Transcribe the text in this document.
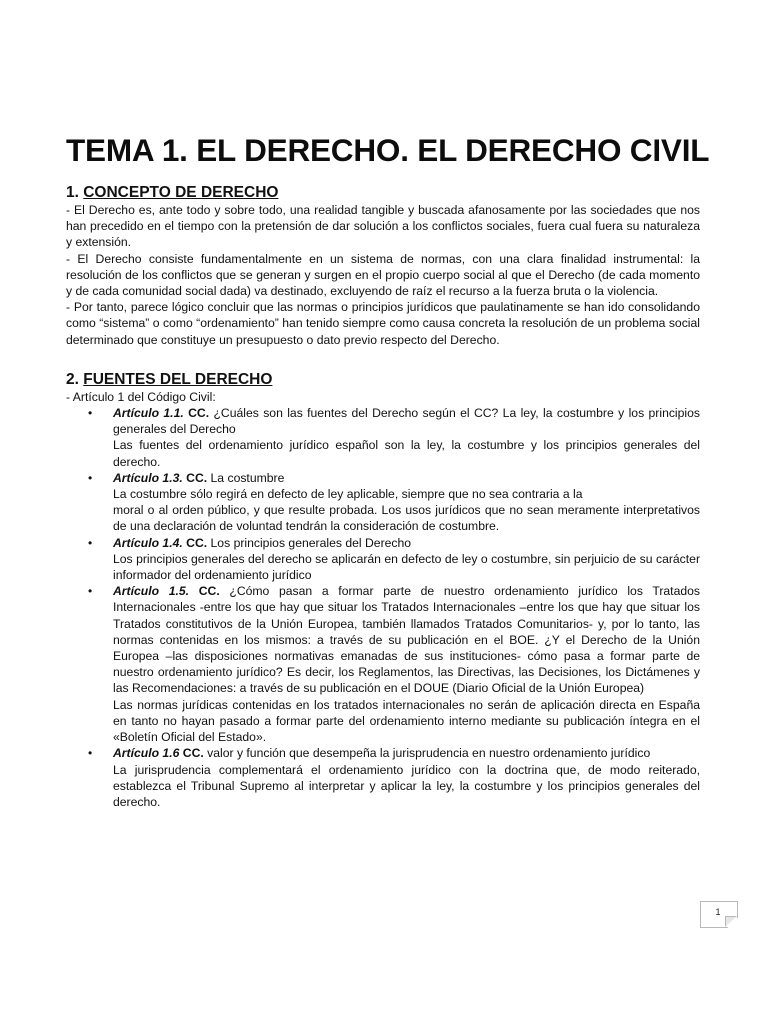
TEMA 1. EL DERECHO. EL DERECHO CIVIL

1. CONCEPTO DE DERECHO

- El Derecho es, ante todo y sobre todo, una realidad tangible y buscada afanosamente por las sociedades que nos han precedido en el tiempo con la pretensión de dar solución a los conflictos sociales, fuera cual fuera su naturaleza y extensión.

- El Derecho consiste fundamentalmente en un sistema de normas, con una clara finalidad instrumental: la resolución de los conflictos que se generan y surgen en el propio cuerpo social al que el Derecho (de cada momento y de cada comunidad social dada) va destinado, excluyendo de raíz el recurso a la fuerza bruta o la violencia.

- Por tanto, parece lógico concluir que las normas o principios jurídicos que paulatinamente se han ido consolidando como “sistema” o como “ordenamiento” han tenido siempre como causa concreta la resolución de un problema social determinado que constituye un presupuesto o dato previo respecto del Derecho.

2. FUENTES DEL DERECHO

- Artículo 1 del Código Civil:

•	Artículo 1.1. CC. ¿Cuáles son las fuentes del Derecho según el CC? La ley, la costumbre y los principios generales del Derecho
Las fuentes del ordenamiento jurídico español son la ley, la costumbre y los principios generales del derecho.
•	Artículo 1.3. CC. La costumbre
La costumbre sólo regirá en defecto de ley aplicable, siempre que no sea contraria a la
moral o al orden público, y que resulte probada. Los usos jurídicos que no sean meramente interpretativos de una declaración de voluntad tendrán la consideración de costumbre.
•	Artículo 1.4. CC. Los principios generales del Derecho
Los principios generales del derecho se aplicarán en defecto de ley o costumbre, sin perjuicio de su carácter informador del ordenamiento jurídico
•	Artículo 1.5. CC. ¿Cómo pasan a formar parte de nuestro ordenamiento jurídico los Tratados Internacionales -entre los que hay que situar los Tratados Internacionales –entre los que hay que situar los Tratados constitutivos de la Unión Europea, también llamados Tratados Comunitarios- y, por lo tanto, las normas contenidas en los mismos: a través de su publicación en el BOE. ¿Y el Derecho de la Unión Europea –las disposiciones normativas emanadas de sus instituciones- cómo pasa a formar parte de nuestro ordenamiento jurídico? Es decir, los Reglamentos, las Directivas, las Decisiones, los Dictámenes y las Recomendaciones: a través de su publicación en el DOUE (Diario Oficial de la Unión Europea)
Las normas jurídicas contenidas en los tratados internacionales no serán de aplicación directa en España en tanto no hayan pasado a formar parte del ordenamiento interno mediante su publicación íntegra en el «Boletín Oficial del Estado».
•	Artículo 1.6 CC. valor y función que desempeña la jurisprudencia en nuestro ordenamiento jurídico
La jurisprudencia complementará el ordenamiento jurídico con la doctrina que, de modo reiterado, establezca el Tribunal Supremo al interpretar y aplicar la ley, la costumbre y los principios generales del derecho.
1
